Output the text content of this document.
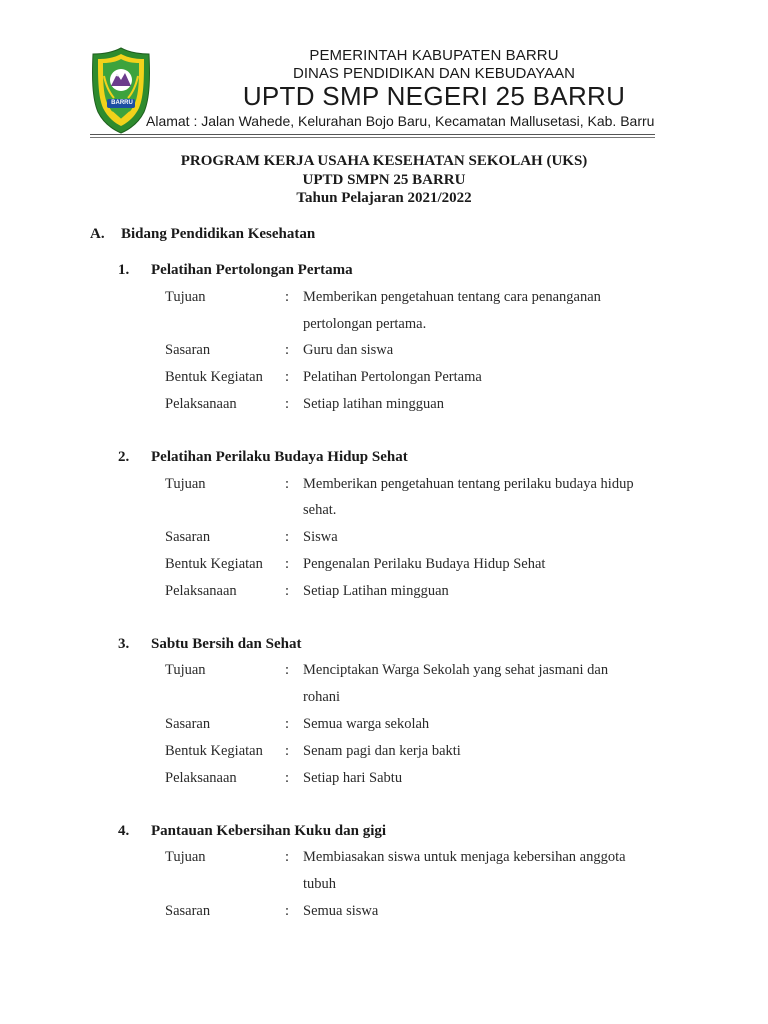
BARRU
PEMERINTAH KABUPATEN BARRU
DINAS PENDIDIKAN DAN KEBUDAYAAN
UPTD SMP NEGERI 25 BARRU
Alamat : Jalan Wahede, Kelurahan Bojo Baru, Kecamatan Mallusetasi, Kab. Barru
PROGRAM KERJA USAHA KESEHATAN SEKOLAH (UKS)
UPTD SMPN 25 BARRU
Tahun Pelajaran 2021/2022
A. Bidang Pendidikan Kesehatan
1. Pelatihan Pertolongan Pertama
Tujuan	: Memberikan pengetahuan tentang cara penanganan
pertolongan pertama.
Sasaran	: Guru dan siswa
Bentuk Kegiatan : Pelatihan Pertolongan Pertama
Pelaksanaan	: Setiap latihan mingguan
2. Pelatihan Perilaku Budaya Hidup Sehat
Tujuan	: Memberikan pengetahuan tentang perilaku budaya hidup
sehat.
Sasaran	: Siswa
Bentuk Kegiatan : Pengenalan Perilaku Budaya Hidup Sehat
Pelaksanaan	: Setiap Latihan mingguan
3. Sabtu Bersih dan Sehat
Tujuan	: Menciptakan Warga Sekolah yang sehat jasmani dan
rohani
Sasaran	: Semua warga sekolah
Bentuk Kegiatan : Senam pagi dan kerja bakti
Pelaksanaan	: Setiap hari Sabtu
4. Pantauan Kebersihan Kuku dan gigi
Tujuan	: Membiasakan siswa untuk menjaga kebersihan anggota
tubuh
Sasaran	: Semua siswa
